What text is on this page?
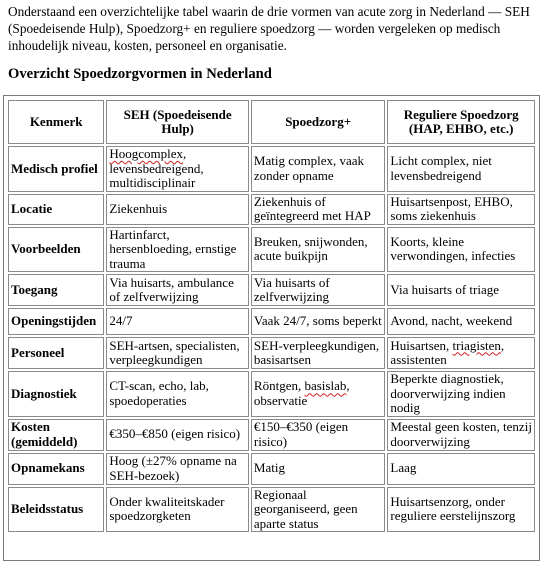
Onderstaand een overzichtelijke tabel waarin de drie vormen van acute zorg in Nederland — SEH (Spoedeisende Hulp), Spoedzorg+ en reguliere spoedzorg — worden vergeleken op medisch inhoudelijk niveau, kosten, personeel en organisatie.

Overzicht Spoedzorgvormen in Nederland
Kenmerk	SEH (Spoedeisende Hulp)	Spoedzorg+	Reguliere Spoedzorg (HAP, EHBO, etc.)
Medisch profiel	Hoogcomplex, levensbedreigend, multidisciplinair	Matig complex, vaak zonder opname	Licht complex, niet levensbedreigend
Locatie	Ziekenhuis	Ziekenhuis of geïntegreerd met HAP	Huisartsenpost, EHBO, soms ziekenhuis
Voorbeelden	Hartinfarct, hersenbloeding, ernstige trauma	Breuken, snijwonden, acute buikpijn	Koorts, kleine verwondingen, infecties
Toegang	Via huisarts, ambulance of zelfverwijzing	Via huisarts of zelfverwijzing	Via huisarts of triage
Openingstijden	24/7	Vaak 24/7, soms beperkt	Avond, nacht, weekend
Personeel	SEH-artsen, specialisten, verpleegkundigen	SEH-verpleegkundigen, basisartsen	Huisartsen, triagisten, assistenten
Diagnostiek	CT-scan, echo, lab, spoedoperaties	Röntgen, basislab, observatie	Beperkte diagnostiek, doorverwijzing indien nodig
Kosten (gemiddeld)	€350–€850 (eigen risico)	€150–€350 (eigen risico)	Meestal geen kosten, tenzij doorverwijzing
Opnamekans	Hoog (±27% opname na SEH-bezoek)	Matig	Laag
Beleidsstatus	Onder kwaliteitskader spoedzorgketen	Regionaal georganiseerd, geen aparte status	Huisartsenzorg, onder reguliere eerstelijnszorg
